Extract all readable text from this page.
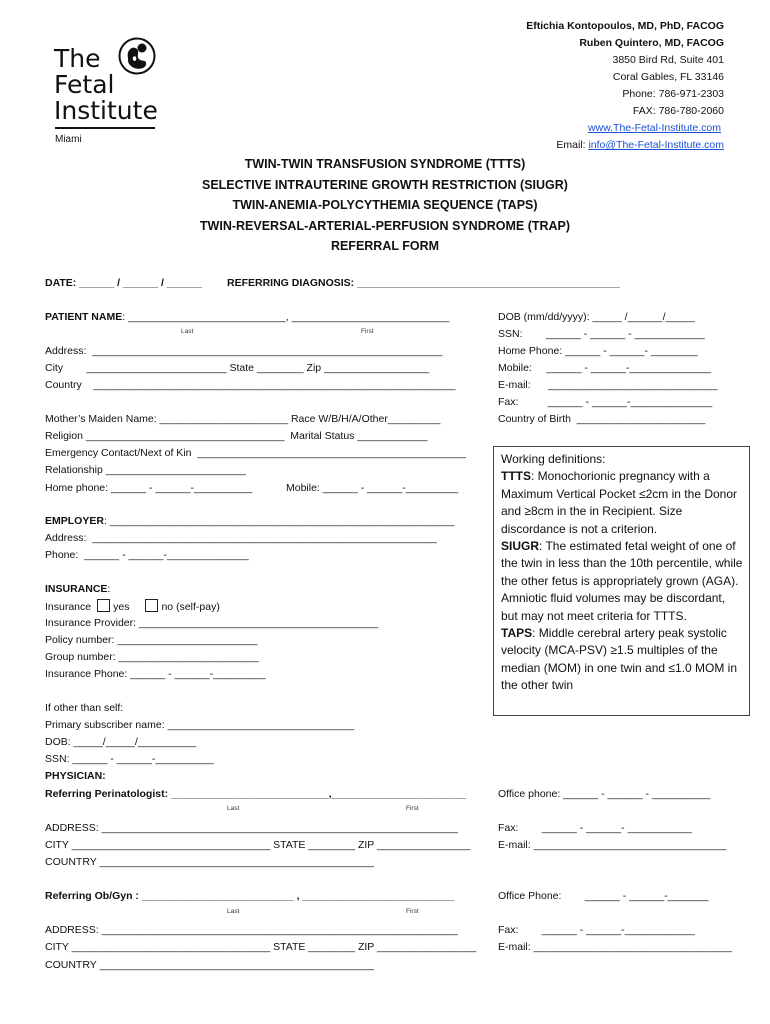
The
Fetal
Institute
Miami
Eftichia Kontopoulos, MD, PhD, FACOG
Ruben Quintero, MD, FACOG
3850 Bird Rd, Suite 401
Coral Gables, FL 33146
Phone: 786-971-2303
FAX: 786-780-2060
www.The-Fetal-Institute.com
Email: info@The-Fetal-Institute.com
TWIN-TWIN TRANSFUSION SYNDROME (TTTS)
SELECTIVE INTRAUTERINE GROWTH RESTRICTION (SIUGR)
TWIN-ANEMIA-POLYCYTHEMIA SEQUENCE (TAPS)
TWIN-REVERSAL-ARTERIAL-PERFUSION SYNDROME (TRAP)
REFERRAL FORM
DATE: ______ / ______ / ______ REFERRING DIAGNOSIS: _____________________________________________
PATIENT NAME: ___________________________, ___________________________
Last	First
Address:  ____________________________________________________________
City        ________________________ State ________ Zip __________________
Country    ______________________________________________________________
Mother’s Maiden Name: ______________________ Race W/B/H/A/Other_________
Religion __________________________________  Marital Status ____________
Emergency Contact/Next of Kin  ______________________________________________
Relationship ________________________
Home phone: ______ - ______-__________	Mobile: ______ - ______-_________
DOB (mm/dd/yyyy): _____ /______/_____
SSN:        ______ - ______ - ____________
Home Phone: ______ - ______- ________
Mobile:     ______ - ______-______________
E-mail:      _____________________________
Fax:          ______ - ______-______________
Country of Birth  ______________________
Working definitions:
TTTS: Monochorionic pregnancy with a Maximum Vertical Pocket ≤2cm in the Donor and ≥8cm in the in Recipient. Size discordance is not a criterion.
SIUGR: The estimated fetal weight of one of the twin in less than the 10th percentile, while the other fetus is appropriately grown (AGA). Amniotic fluid volumes may be discordant, but may not meet criteria for TTTS.
TAPS: Middle cerebral artery peak systolic velocity (MCA-PSV) ≥1.5 multiples of the median (MOM) in one twin and ≤1.0 MOM in the other twin
EMPLOYER: ___________________________________________________________
Address:  ___________________________________________________________
Phone:  ______ - ______-______________
INSURANCE:
Insurance yes	no (self-pay)
Insurance Provider: _________________________________________
Policy number: ________________________
Group number: ________________________
Insurance Phone: ______ - ______-_________
If other than self:
Primary subscriber name: ________________________________
DOB: _____/_____/__________
SSN: ______ - ______-__________
PHYSICIAN:
Referring Perinatologist: ___________________________,_______________________
Last	First
Office phone: ______ - ______ - __________
ADDRESS: _____________________________________________________________	Fax:        ______ - ______- ___________
CITY __________________________________ STATE ________ ZIP ________________	E-mail: _________________________________
COUNTRY _______________________________________________
Referring Ob/Gyn : __________________________ , __________________________
Last	First
Office Phone:        ______ - ______-_______
ADDRESS: _____________________________________________________________	Fax:        ______ - ______-____________
CITY __________________________________ STATE ________ ZIP _________________ E-mail: __________________________________
COUNTRY _______________________________________________
